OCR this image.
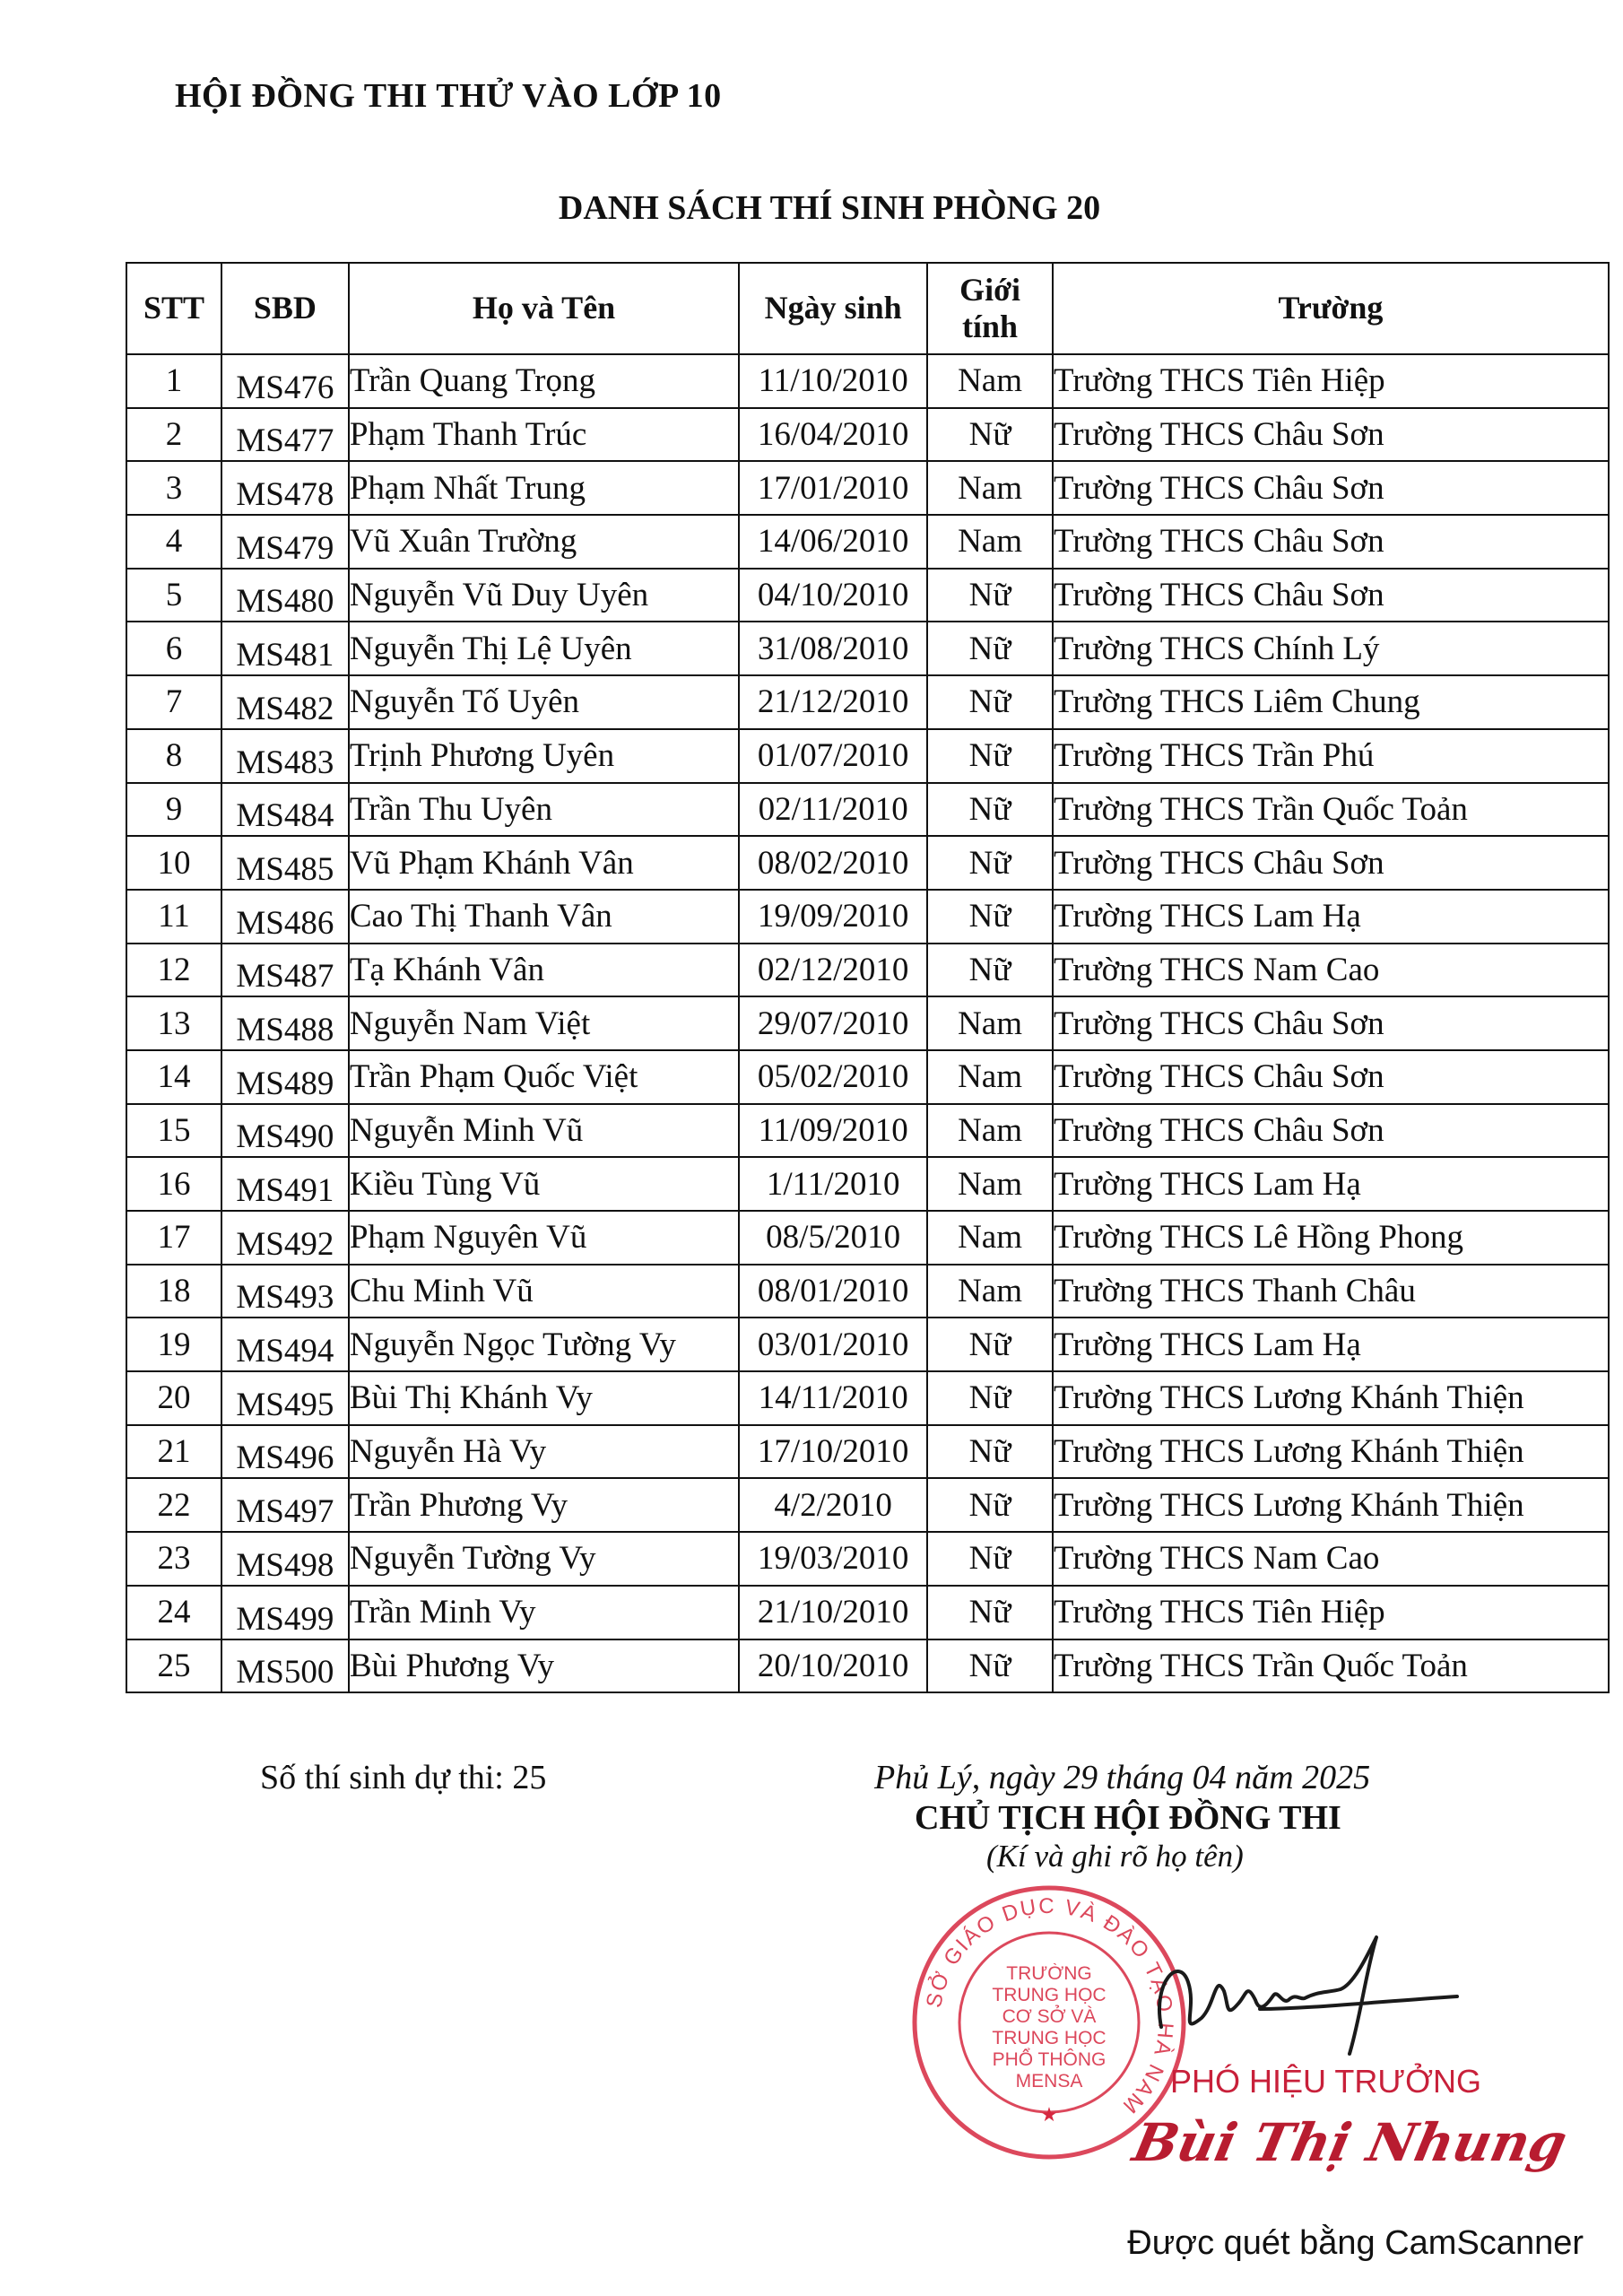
HỘI ĐỒNG THI THỬ VÀO LỚP 10
DANH SÁCH THÍ SINH PHÒNG 20
STT	SBD	Họ và Tên	Ngày sinh	Giới tính	Trường
1	MS476	Trần Quang Trọng	11/10/2010	Nam	Trường THCS Tiên Hiệp
2	MS477	Phạm Thanh Trúc	16/04/2010	Nữ	Trường THCS Châu Sơn
3	MS478	Phạm Nhất Trung	17/01/2010	Nam	Trường THCS Châu Sơn
4	MS479	Vũ Xuân Trường	14/06/2010	Nam	Trường THCS Châu Sơn
5	MS480	Nguyễn Vũ Duy Uyên	04/10/2010	Nữ	Trường THCS Châu Sơn
6	MS481	Nguyễn Thị Lệ Uyên	31/08/2010	Nữ	Trường THCS Chính Lý
7	MS482	Nguyễn Tố Uyên	21/12/2010	Nữ	Trường THCS Liêm Chung
8	MS483	Trịnh Phương Uyên	01/07/2010	Nữ	Trường THCS Trần Phú
9	MS484	Trần Thu Uyên	02/11/2010	Nữ	Trường THCS Trần Quốc Toản
10	MS485	Vũ Phạm Khánh Vân	08/02/2010	Nữ	Trường THCS Châu Sơn
11	MS486	Cao Thị Thanh Vân	19/09/2010	Nữ	Trường THCS Lam Hạ
12	MS487	Tạ Khánh Vân	02/12/2010	Nữ	Trường THCS Nam Cao
13	MS488	Nguyễn Nam Việt	29/07/2010	Nam	Trường THCS Châu Sơn
14	MS489	Trần Phạm Quốc Việt	05/02/2010	Nam	Trường THCS Châu Sơn
15	MS490	Nguyễn Minh Vũ	11/09/2010	Nam	Trường THCS Châu Sơn
16	MS491	Kiều Tùng Vũ	1/11/2010	Nam	Trường THCS Lam Hạ
17	MS492	Phạm Nguyên Vũ	08/5/2010	Nam	Trường THCS Lê Hồng Phong
18	MS493	Chu Minh Vũ	08/01/2010	Nam	Trường THCS Thanh Châu
19	MS494	Nguyễn Ngọc Tường Vy	03/01/2010	Nữ	Trường THCS Lam Hạ
20	MS495	Bùi Thị Khánh Vy	14/11/2010	Nữ	Trường THCS Lương Khánh Thiện
21	MS496	Nguyễn Hà Vy	17/10/2010	Nữ	Trường THCS Lương Khánh Thiện
22	MS497	Trần Phương Vy	4/2/2010	Nữ	Trường THCS Lương Khánh Thiện
23	MS498	Nguyễn Tường Vy	19/03/2010	Nữ	Trường THCS Nam Cao
24	MS499	Trần Minh Vy	21/10/2010	Nữ	Trường THCS Tiên Hiệp
25	MS500	Bùi Phương Vy	20/10/2010	Nữ	Trường THCS Trần Quốc Toản
Số thí sinh dự thi: 25	Phủ Lý, ngày 29 tháng 04 năm 2025
CHỦ TỊCH HỘI ĐỒNG THI
(Kí và ghi rõ họ tên)
SỞ GIÁO DỤC VÀ ĐÀO TẠO HÀ NAM
TRƯỜNG
TRUNG HỌC
CƠ SỞ VÀ
TRUNG HỌC
PHỔ THÔNG
MENSA
★
PHÓ HIỆU TRƯỞNG
Bùi Thị Nhung
Được quét bằng CamScanner
